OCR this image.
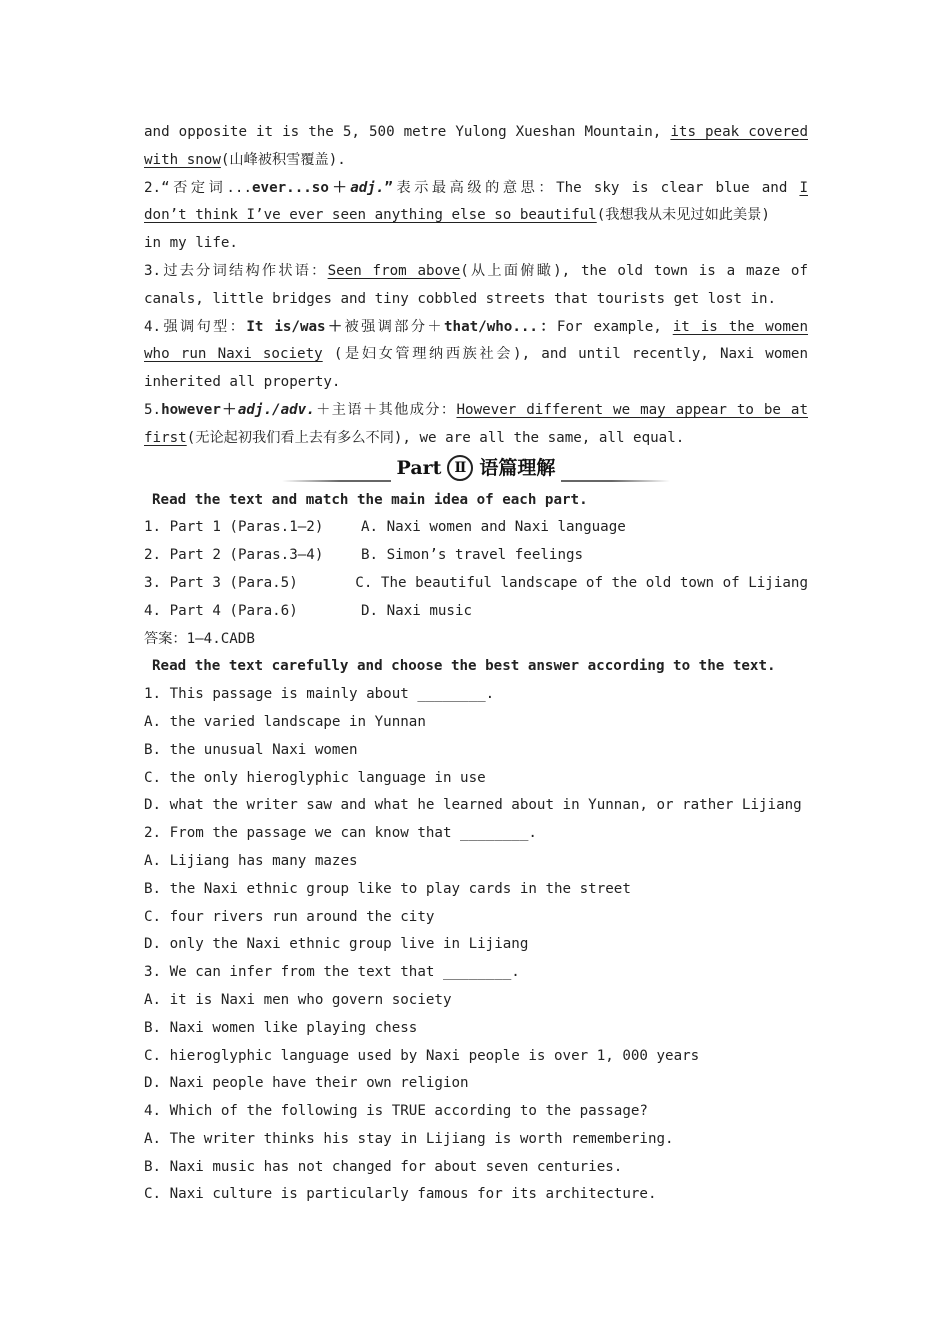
and opposite it is the 5, 500 metre Yulong Xueshan Mountain, its peak covered
with snow(山峰被积雪覆盖).
2.“否定词...ever...so＋adj.”表示最高级的意思：The sky is clear blue and I
don’t think I’ve ever seen anything else so beautiful(我想我从未见过如此美景)
in my life.
3.过去分词结构作状语：Seen from above(从上面俯瞰), the old town is a maze of
canals, little bridges and tiny cobbled streets that tourists get lost in.
4.强调句型：It is/was＋被强调部分＋that/who...：For example, it is the women
who run Naxi society (是妇女管理纳西族社会), and until recently, Naxi women
inherited all property.
5.however＋adj./adv.＋主语＋其他成分：However different we may appear to be at
first(无论起初我们看上去有多么不同), we are all the same, all equal.
Part Ⅱ 语篇理解
Read the text and match the main idea of each part.
1. Part 1 (Paras.1—2)	A. Naxi women and Naxi language
2. Part 2 (Paras.3—4)	B. Simon’s travel feelings
3. Part 3 (Para.5)	C. The beautiful landscape of the old town of Lijiang
4. Part 4 (Para.6)	D. Naxi music
答案：1—4.CADB
Read the text carefully and choose the best answer according to the text.
1. This passage is mainly about ________.
A. the varied landscape in Yunnan
B. the unusual Naxi women
C. the only hieroglyphic language in use
D. what the writer saw and what he learned about in Yunnan, or rather Lijiang
2. From the passage we can know that ________.
A. Lijiang has many mazes
B. the Naxi ethnic group like to play cards in the street
C. four rivers run around the city
D. only the Naxi ethnic group live in Lijiang
3. We can infer from the text that ________.
A. it is Naxi men who govern society
B. Naxi women like playing chess
C. hieroglyphic language used by Naxi people is over 1, 000 years
D. Naxi people have their own religion
4. Which of the following is TRUE according to the passage?
A. The writer thinks his stay in Lijiang is worth remembering.
B. Naxi music has not changed for about seven centuries.
C. Naxi culture is particularly famous for its architecture.
